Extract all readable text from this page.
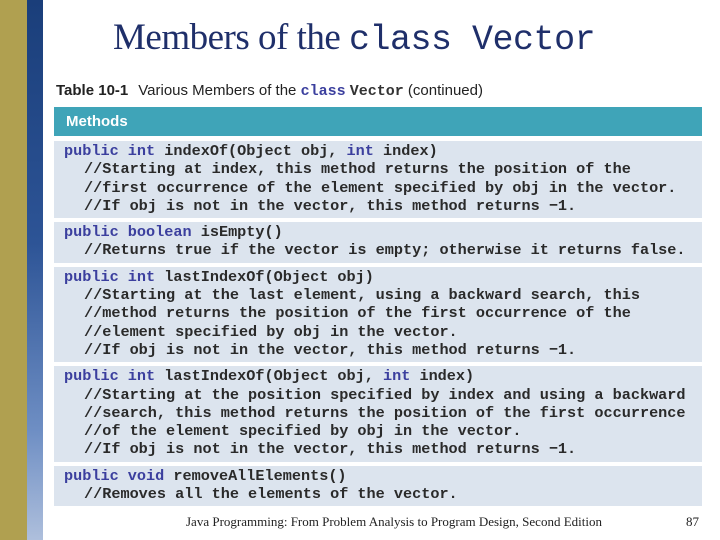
Members of the class Vector
Table 10-1 Various Members of the class Vector (continued)
Methods
public int indexOf(Object obj, int index)
//Starting at index, this method returns the position of the
//first occurrence of the element specified by obj in the vector.
//If obj is not in the vector, this method returns −1.
public boolean isEmpty()
//Returns true if the vector is empty; otherwise it returns false.
public int lastIndexOf(Object obj)
//Starting at the last element, using a backward search, this
//method returns the position of the first occurrence of the
//element specified by obj in the vector.
//If obj is not in the vector, this method returns −1.
public int lastIndexOf(Object obj, int index)
//Starting at the position specified by index and using a backward
//search, this method returns the position of the first occurrence
//of the element specified by obj in the vector.
//If obj is not in the vector, this method returns −1.
public void removeAllElements()
//Removes all the elements of the vector.
Java Programming: From Problem Analysis to Program Design, Second Edition	87
